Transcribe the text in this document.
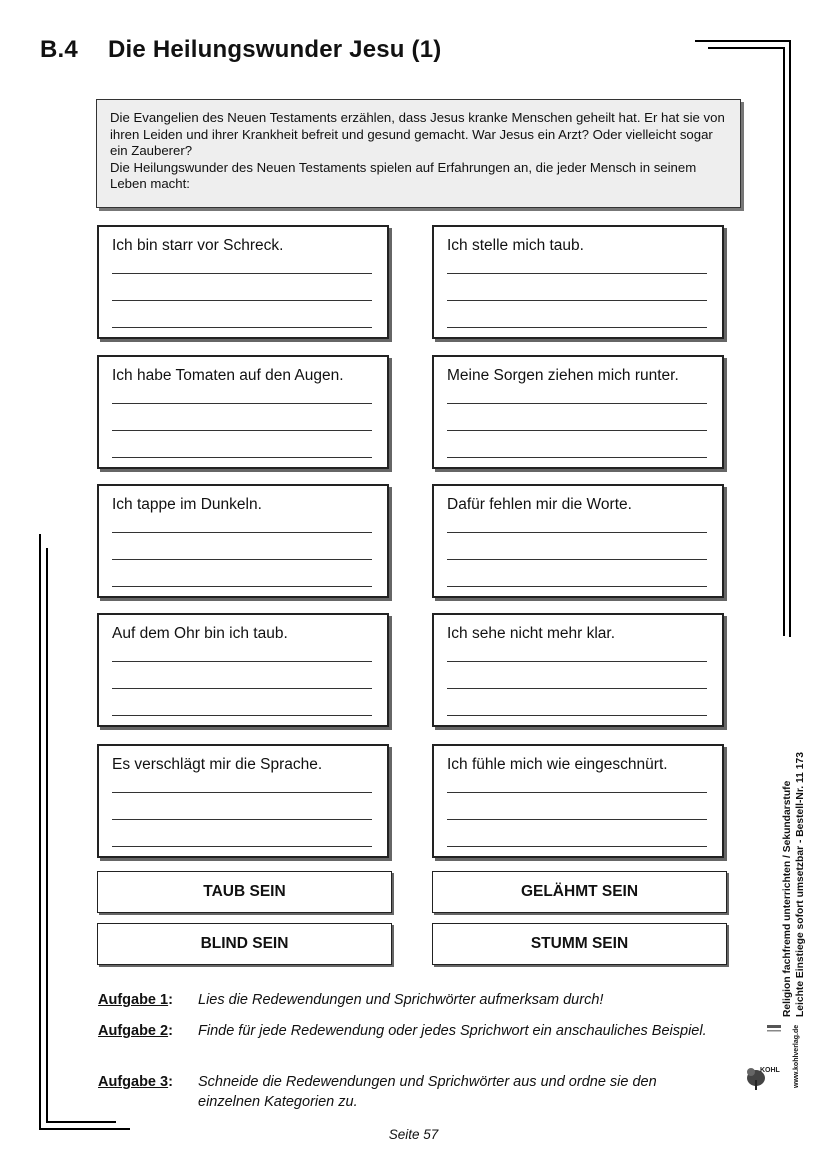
B.4 Die Heilungswunder Jesu (1)

Die Evangelien des Neuen Testaments erzählen, dass Jesus kranke Menschen geheilt hat. Er hat sie von ihren Leiden und ihrer Krankheit befreit und gesund gemacht. War Jesus ein Arzt? Oder vielleicht sogar ein Zauberer?

Die Heilungswunder des Neuen Testaments spielen auf Erfahrungen an, die jeder Mensch in seinem Leben macht:

Ich bin starr vor Schreck.	Ich stelle mich taub.
Ich habe Tomaten auf den Augen.	Meine Sorgen ziehen mich runter.
Ich tappe im Dunkeln.	Dafür fehlen mir die Worte.
Auf dem Ohr bin ich taub.	Ich sehe nicht mehr klar.
Es verschlägt mir die Sprache.	Ich fühle mich wie eingeschnürt.
TAUB SEIN	GELÄHMT SEIN
BLIND SEIN	STUMM SEIN
Aufgabe 1: Lies die Redewendungen und Sprichwörter aufmerksam durch!
Aufgabe 2: Finde für jede Redewendung oder jedes Sprichwort ein anschauliches Beispiel.
Aufgabe 3: Schneide die Redewendungen und Sprichwörter aus und ordne sie den einzelnen Kategorien zu.
Seite 57
Religion fachfremd unterrichten / Sekundarstufe Leichte Einstiege sofort umsetzbar - Bestell-Nr. 11 173
www.kohlverlag.de
KOHL
